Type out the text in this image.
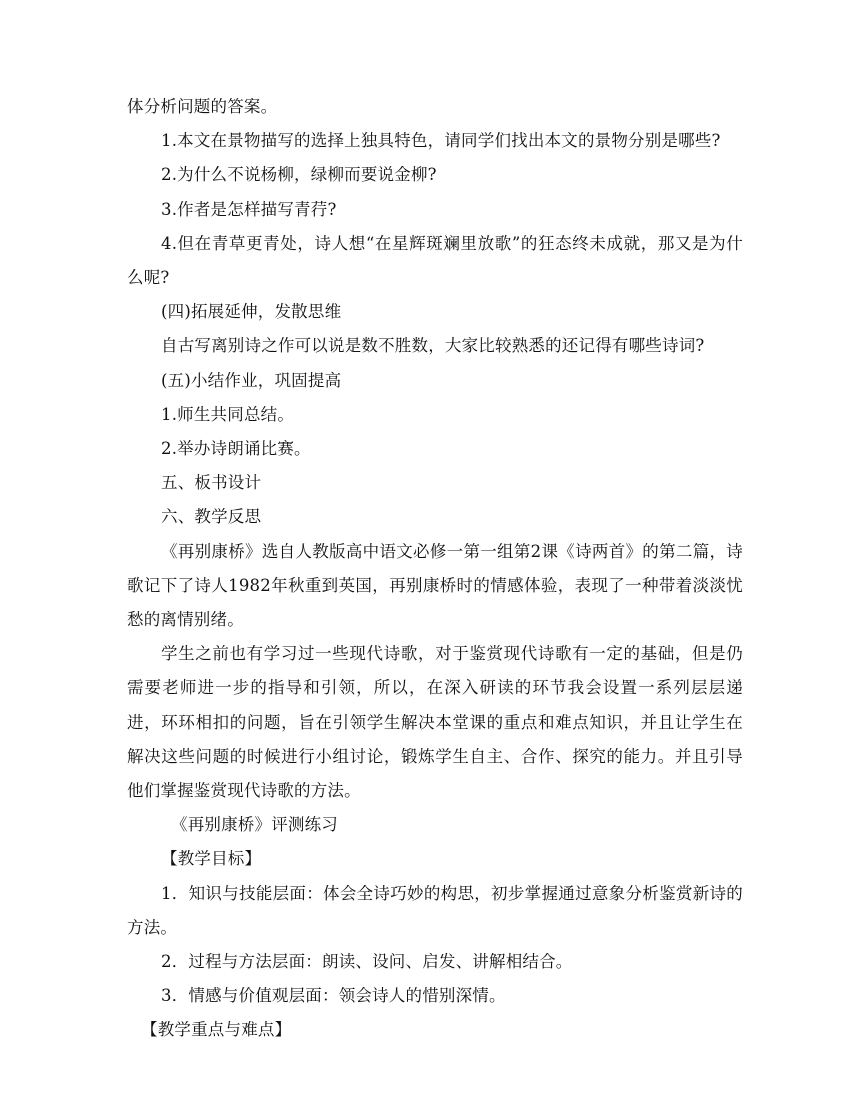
体分析问题的答案。

1.本文在景物描写的选择上独具特色，请同学们找出本文的景物分别是哪些?

2.为什么不说杨柳，绿柳而要说金柳?

3.作者是怎样描写青荇?

4.但在青草更青处，诗人想“在星辉斑斓里放歌”的狂态终未成就，那又是为什么呢?

(四)拓展延伸，发散思维

自古写离别诗之作可以说是数不胜数，大家比较熟悉的还记得有哪些诗词?

(五)小结作业，巩固提高

1.师生共同总结。

2.举办诗朗诵比赛。

五、板书设计

六、教学反思

《再别康桥》选自人教版高中语文必修一第一组第2课《诗两首》的第二篇，诗歌记下了诗人1982年秋重到英国，再别康桥时的情感体验，表现了一种带着淡淡忧愁的离情别绪。

学生之前也有学习过一些现代诗歌，对于鉴赏现代诗歌有一定的基础，但是仍需要老师进一步的指导和引领，所以，在深入研读的环节我会设置一系列层层递进，环环相扣的问题，旨在引领学生解决本堂课的重点和难点知识，并且让学生在解决这些问题的时候进行小组讨论，锻炼学生自主、合作、探究的能力。并且引导他们掌握鉴赏现代诗歌的方法。

《再别康桥》评测练习

【教学目标】

1．知识与技能层面：体会全诗巧妙的构思，初步掌握通过意象分析鉴赏新诗的方法。

2．过程与方法层面：朗读、设问、启发、讲解相结合。

3．情感与价值观层面：领会诗人的惜别深情。

【教学重点与难点】
